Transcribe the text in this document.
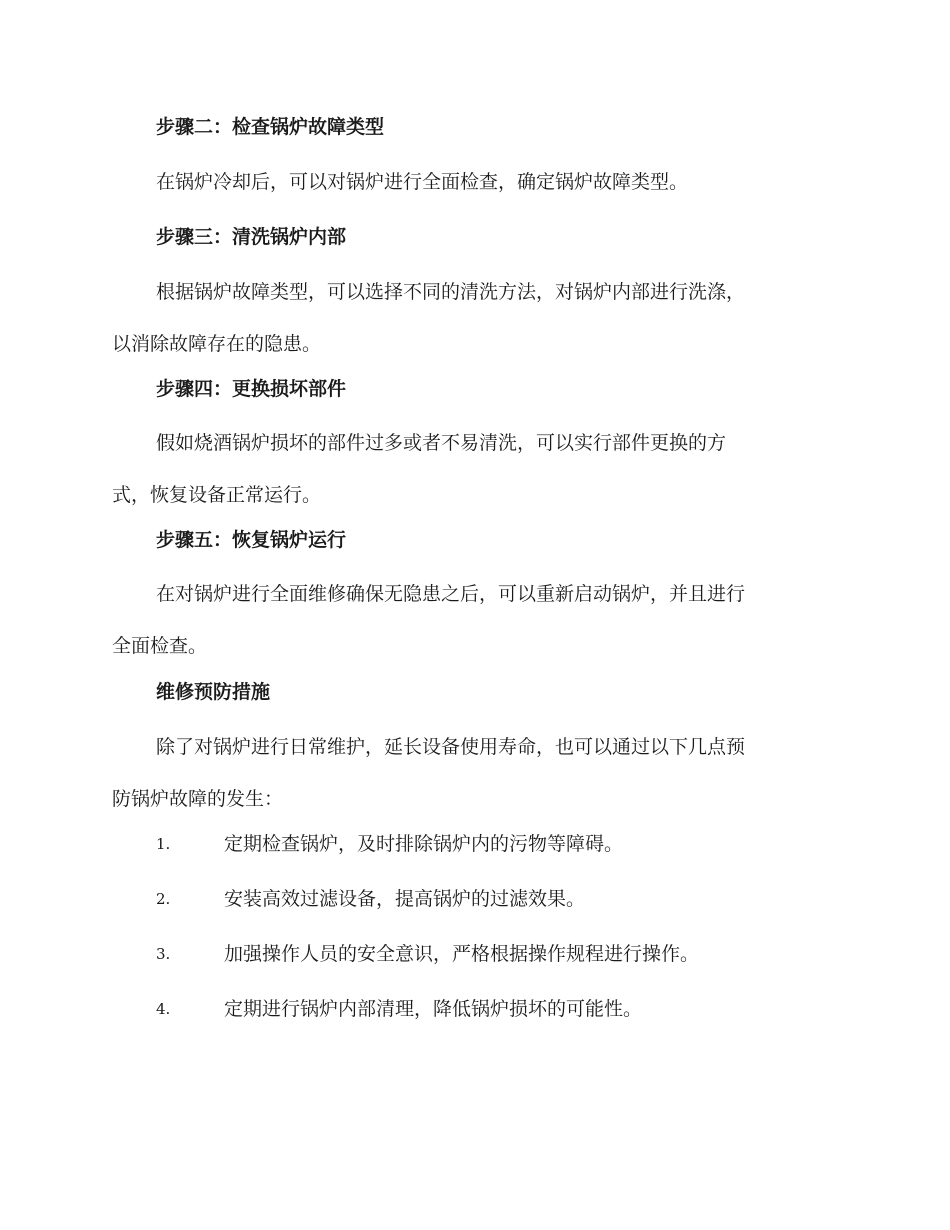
步骤二：检查锅炉故障类型
在锅炉冷却后，可以对锅炉进行全面检查，确定锅炉故障类型。
步骤三：清洗锅炉内部
根据锅炉故障类型，可以选择不同的清洗方法，对锅炉内部进行洗涤，
以消除故障存在的隐患。
步骤四：更换损坏部件
假如烧酒锅炉损坏的部件过多或者不易清洗，可以实行部件更换的方
式，恢复设备正常运行。
步骤五：恢复锅炉运行
在对锅炉进行全面维修确保无隐患之后，可以重新启动锅炉，并且进行
全面检查。
维修预防措施
除了对锅炉进行日常维护，延长设备使用寿命，也可以通过以下几点预
防锅炉故障的发生：
1.	定期检查锅炉，及时排除锅炉内的污物等障碍。
2.	安装高效过滤设备，提高锅炉的过滤效果。
3.	加强操作人员的安全意识，严格根据操作规程进行操作。
4.	定期进行锅炉内部清理，降低锅炉损坏的可能性。
